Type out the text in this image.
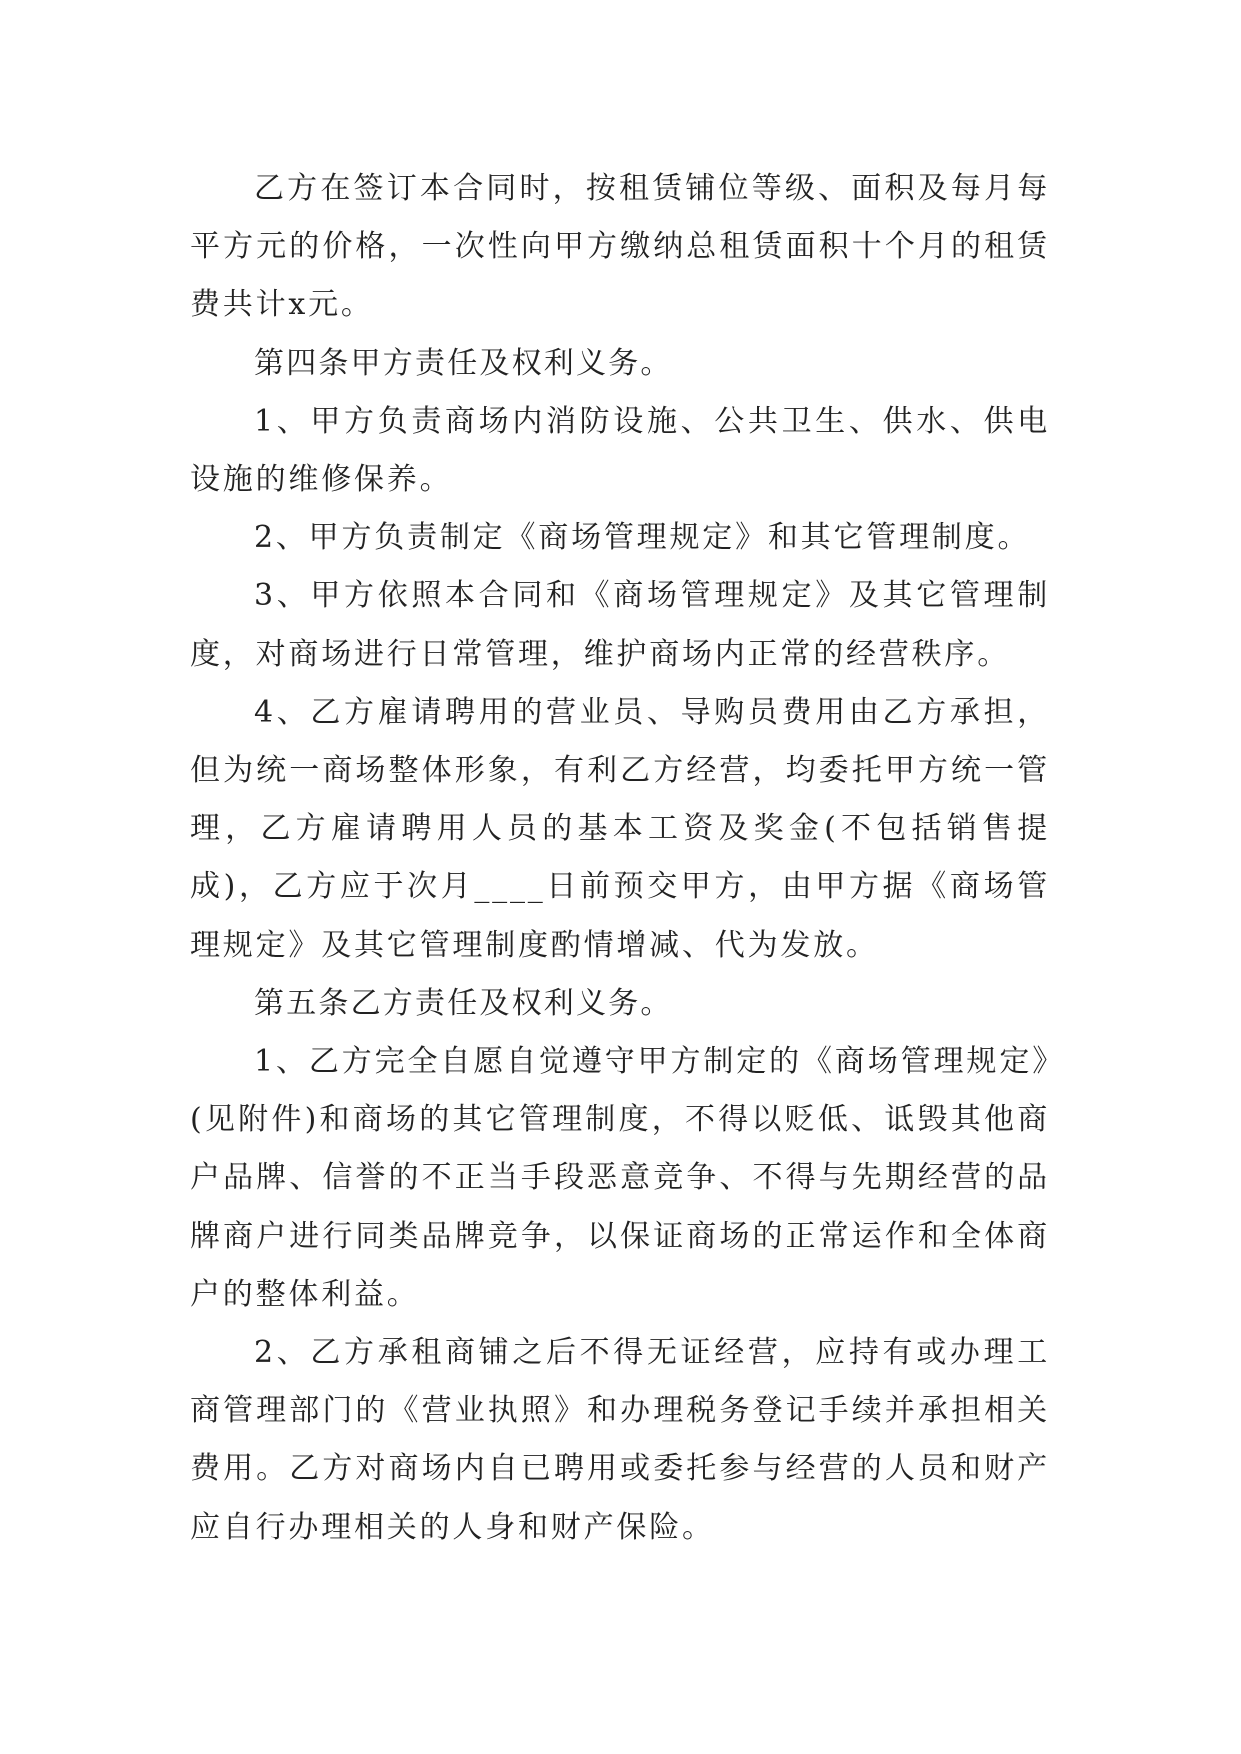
乙方在签订本合同时，按租赁铺位等级、面积及每月每平方元的价格，一次性向甲方缴纳总租赁面积十个月的租赁费共计x元。

第四条甲方责任及权利义务。

1、甲方负责商场内消防设施、公共卫生、供水、供电设施的维修保养。

2、甲方负责制定《商场管理规定》和其它管理制度。

3、甲方依照本合同和《商场管理规定》及其它管理制度，对商场进行日常管理，维护商场内正常的经营秩序。

4、乙方雇请聘用的营业员、导购员费用由乙方承担，但为统一商场整体形象，有利乙方经营，均委托甲方统一管理，乙方雇请聘用人员的基本工资及奖金(不包括销售提成)，乙方应于次月____日前预交甲方，由甲方据《商场管理规定》及其它管理制度酌情增减、代为发放。

第五条乙方责任及权利义务。

1、乙方完全自愿自觉遵守甲方制定的《商场管理规定》(见附件)和商场的其它管理制度，不得以贬低、诋毁其他商户品牌、信誉的不正当手段恶意竞争、不得与先期经营的品牌商户进行同类品牌竞争，以保证商场的正常运作和全体商户的整体利益。

2、乙方承租商铺之后不得无证经营，应持有或办理工商管理部门的《营业执照》和办理税务登记手续并承担相关费用。乙方对商场内自已聘用或委托参与经营的人员和财产应自行办理相关的人身和财产保险。
